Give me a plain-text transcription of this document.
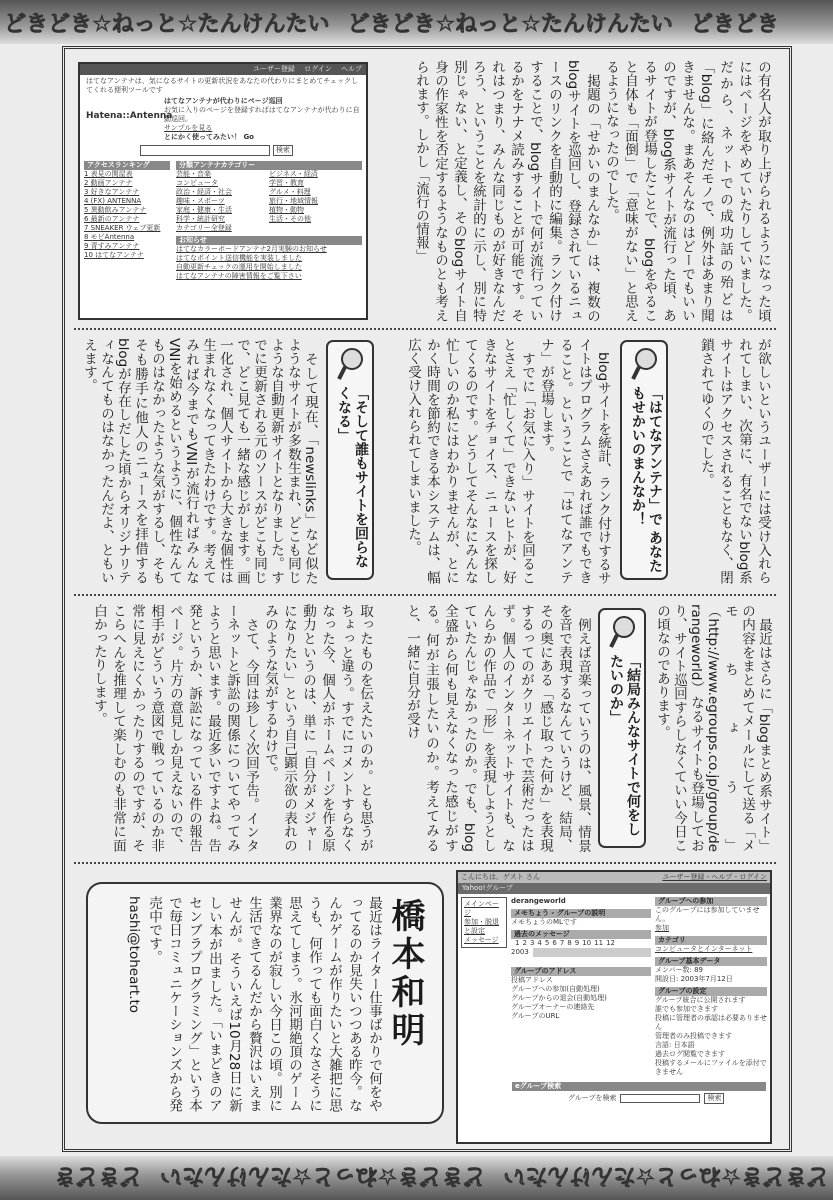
どきどき☆ねっと☆たんけんたい どきどき☆ねっと☆たんけんたい どきどき
ユーザー登録　 ログイン　 ヘルプ
はてなアンテナは、気になるサイトの更新状況をあなたの代わりにまとめてチェックしてくれる便利ツールです
Hatena::Antenna
はてなアンテナが代わりにページ巡回
お気に入りのページを登録すればはてなアンテナが代わりに自動巡回。
サンプルを見る
とにかく使ってみたい！ Go
検索
アクセスランキング
1 表見の関屋表
2 動画アンテナ
3 好きなアンテナ
4 (FX) ANTENNA
5 異動飲みアンテナ
6 最新のアンテナ
7 SNEAKER ウェブ更新
8 モビAntenna
9 青すみアンテナ
10 はてなアンテナ
分類アンテナカテゴリー
芸能・音楽	ビジネス・経済
コンピュータ	学習・教育
政治・経済・社会	グルメ・料理
趣味・スポーツ	旅行・地域情報
家庭・健康・生活	植物・動物
科学・統計研究	生活・その他
カテゴリー全登録
お知らせ
はてなカラーボードアンテナ2月実験のお知らせ
はてなポイント送信機能を実装しました
自動更新チェックの運用を開始しました
はてなアンテナの障害情報をご覧下さい	の有名人が取り上げられるようになった頃にはページをやめていたりしていました。だから、ネットでの成功話の殆どは「blog」に絡んだモノで、例外はあまり聞きませんな。まあそんなのはどーでもいいのですが、blog系サイトが流行った頃、あるサイトが登場したことで、blogをやること自体も「面倒」で「意味がない」と思えるようになったのでした。

掲題の「せかいのまんなか」は、複数のblogサイトを巡回し、登録されているニュースのリンクを自動的に編集。ランク付けすることで、blogサイトで何が流行っているかをナナメ読みすることが可能です。それはつまり、みんな同じものが好きなんだろう、ということを統計的に示し、別に特別じゃない、と定義し、そのblogサイト自身の作家性を否定するようなものとも考えられます。しかし「流行の情報」

が欲しいというユーザーには受け入れられてしまい、次第に、有名でないblog系サイトはアクセスされることもなく、閉鎖されてゆくのでした。

「はてなアンテナ」で あなたもせかいのまんなか！

blogサイトを統計、ランク付けするサイトはプログラムさえあれば誰でもできること。ということで「はてなアンテナ」が登場します。

すでに「お気に入り」サイトを回ることさえ「忙しくて」できないヒトが、好きなサイトをチョイス、ニュースを探してくるのです。どうしてそんなにみんな忙しいのか私にはわかりませんが、とにかく時間を節約できる本システムは、幅広く受け入れられてしまいました。

「そして誰もサイトを回らなくなる」

そして現在、「newslinks」など似たようなサイトが多数生まれ、どこも同じような自動更新サイトとなりました。すでに更新される元のソースがどこも同じで、どこ見ても一緒な感じがします。画一化され、個人サイトから大きな個性は生まれなくなってきたわけです。考えてみれば今までもVNIが流行ればみんなVNIを始めるというように、個性なんてものはなかったような気がするし、そもそも勝手に他人のニュースを拝借するblogが存在しだした頃からオリジナリティなんてものはなかったんだよ、ともいえます。

最近はさらに「blogまとめ系サイト」の内容をまとめてメールにして送る「メモちょう」（http://www.egroups.co.jp/group/derangeworld）なるサイトも登場しており、サイト巡回すらしなくていい今日この頃なのであります。

「結局みんなサイトで何をしたいのか」

例えば音楽っていうのは、風景、情景を音で表現するなんていうけど、結局、その奥にある「感じ取った何か」を表現するってのがクリエイトで芸術だったはず。個人のインターネットサイトも、なんらかの作品で「形」を表現しようとしていたんじゃなかったのか。でも、blog全盛から何も見えなくなった感じがする。何が主張したいのか。考えてみると、一緒に自分が受け

取ったものを伝えたいのか。とも思うがちょっと違う。すでにコメントすらなくなった今、個人がホームページを作る原動力というのは、単に「自分がメジャーになりたい」という自己顕示欲の表れのみのような気がするわけで。

さて、今回は珍しく次回予告。インターネットと訴訟の関係についてやってみようと思います。最近多いですよね。告発というか、訴訟になっている件の報告ページ。片方の意見しか見えないので、相手がどういう意図で戦っているのか非常に見えにくかったりするのですが、そこらへんを推理して楽しむのも非常に面白かったりします。

橋本和明

最近はライター仕事ばかりで何をやってるのか見失いつつある昨今。なんかゲームが作りたいと大雑把に思うも、何作っても面白くなさそうに思えてしまう。氷河期絶頂のゲーム業界なのが寂しい今日この頃。別に生活できてるんだから贅沢はいえませんが。そういえば10月28日に新しい本が出ました。「いまどきのアセンブラプログラミング」という本で毎日コミュニケーションズから発売中です。

hashi@toheart.to

こんにちは、ゲスト さん	ユーザー登録 - ヘルプ - ログイン
Yahoo!グループ
メインページ
参加・脱退と設定
メッセージ
derangeworld
メモちょう - グループの説明
メモちょうのMLです
過去のメッセージ
1 2 3 4 5 6 7 8 9 10 11 12
2003
グループのアドレス
投稿アドレス
グループへの参加(自動処理)
グループからの退会(自動処理)
グループオーナーの連絡先
グループのURL
グループへの参加
このグループには参加していません。
参加
カテゴリ
コンピュータとインターネット
グループ基本データ
メンバー数: 89
開設日: 2003年7月12日
グループの設定
グループ統合に公開されます
誰でも参加できます
投稿に管理者の承認は必要ありません
管理者のみ投稿できます
言語: 日本語
過去ログ閲覧できます
投稿するメールにファイルを添付できません
eグループ検索
グループを検索	検索
どきどき☆ねっと☆たんけんたい
どきどき☆ねっと☆たんけんたい
どきどき
